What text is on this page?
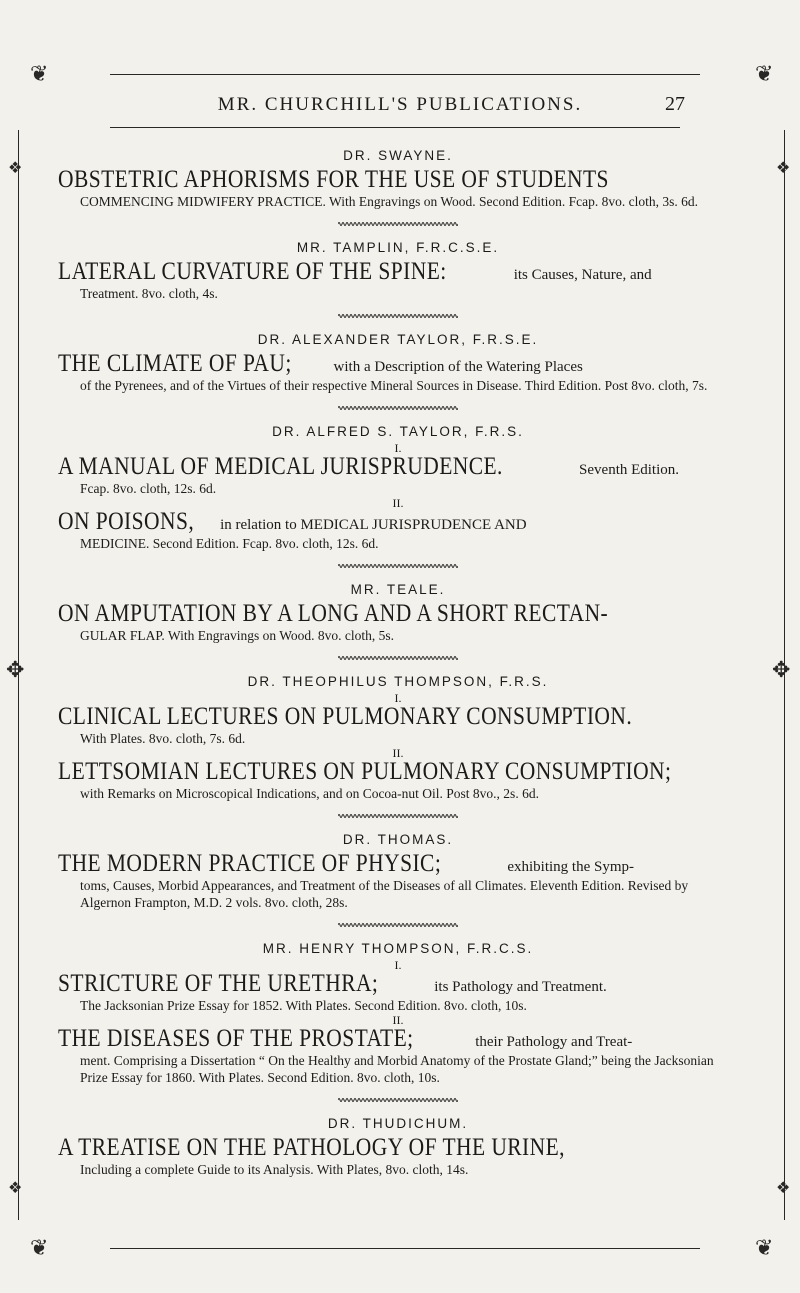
❦	❦
❦	❦
❖	❖
✥	✥
❖	❖
MR. CHURCHILL'S PUBLICATIONS.	27
DR. SWAYNE.
OBSTETRIC APHORISMS FOR THE USE OF STUDENTS
COMMENCING MIDWIFERY PRACTICE. With Engravings on Wood. Second Edition. Fcap. 8vo. cloth, 3s. 6d.
MR. TAMPLIN, F.R.C.S.E.
LATERAL CURVATURE OF THE SPINE:	its Causes, Nature, and
Treatment. 8vo. cloth, 4s.
DR. ALEXANDER TAYLOR, F.R.S.E.
THE CLIMATE OF PAU;	with a Description of the Watering Places
of the Pyrenees, and of the Virtues of their respective Mineral Sources in Disease. Third Edition. Post 8vo. cloth, 7s.
DR. ALFRED S. TAYLOR, F.R.S.
I.
A MANUAL OF MEDICAL JURISPRUDENCE.	Seventh Edition.
Fcap. 8vo. cloth, 12s. 6d.
II.
ON POISONS, in relation to MEDICAL JURISPRUDENCE AND
MEDICINE. Second Edition. Fcap. 8vo. cloth, 12s. 6d.
MR. TEALE.
ON AMPUTATION BY A LONG AND A SHORT RECTAN-
GULAR FLAP. With Engravings on Wood. 8vo. cloth, 5s.
DR. THEOPHILUS THOMPSON, F.R.S.
I.
CLINICAL LECTURES ON PULMONARY CONSUMPTION.
With Plates. 8vo. cloth, 7s. 6d.
II.
LETTSOMIAN LECTURES ON PULMONARY CONSUMPTION;
with Remarks on Microscopical Indications, and on Cocoa-nut Oil. Post 8vo., 2s. 6d.
DR. THOMAS.
THE MODERN PRACTICE OF PHYSIC;	exhibiting the Symp-
toms, Causes, Morbid Appearances, and Treatment of the Diseases of all Climates. Eleventh Edition. Revised by Algernon Frampton, M.D. 2 vols. 8vo. cloth, 28s.
MR. HENRY THOMPSON, F.R.C.S.
I.
STRICTURE OF THE URETHRA;	its Pathology and Treatment.
The Jacksonian Prize Essay for 1852. With Plates. Second Edition. 8vo. cloth, 10s.
II.
THE DISEASES OF THE PROSTATE;	their Pathology and Treat-
ment. Comprising a Dissertation “ On the Healthy and Morbid Anatomy of the Prostate Gland;” being the Jacksonian Prize Essay for 1860. With Plates. Second Edition. 8vo. cloth, 10s.
DR. THUDICHUM.
A TREATISE ON THE PATHOLOGY OF THE URINE,
Including a complete Guide to its Analysis. With Plates, 8vo. cloth, 14s.
